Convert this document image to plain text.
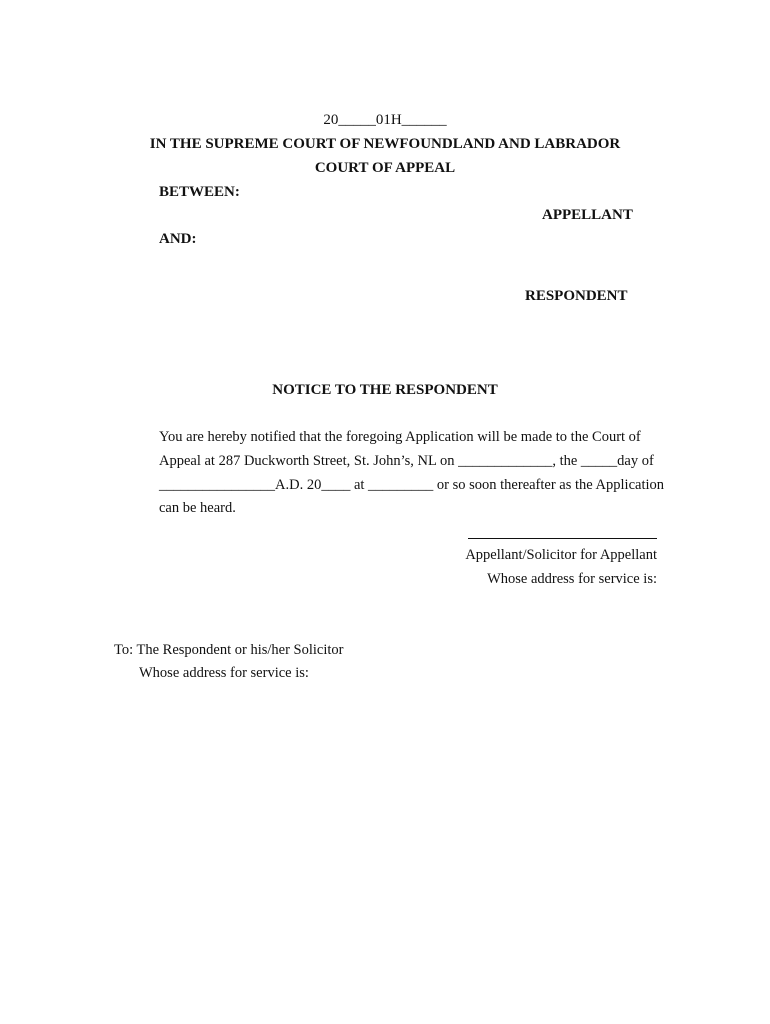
20_____01H______
IN THE SUPREME COURT OF NEWFOUNDLAND AND LABRADOR
COURT OF APPEAL
BETWEEN:
APPELLANT
AND:
RESPONDENT
NOTICE TO THE RESPONDENT
You are hereby notified that the foregoing Application will be made to the Court of
Appeal at 287 Duckworth Street, St. John’s, NL on _____________, the _____day of
________________A.D. 20____ at _________ or so soon thereafter as the Application
can be heard.
Appellant/Solicitor for Appellant
Whose address for service is:
To: The Respondent or his/her Solicitor
Whose address for service is:
